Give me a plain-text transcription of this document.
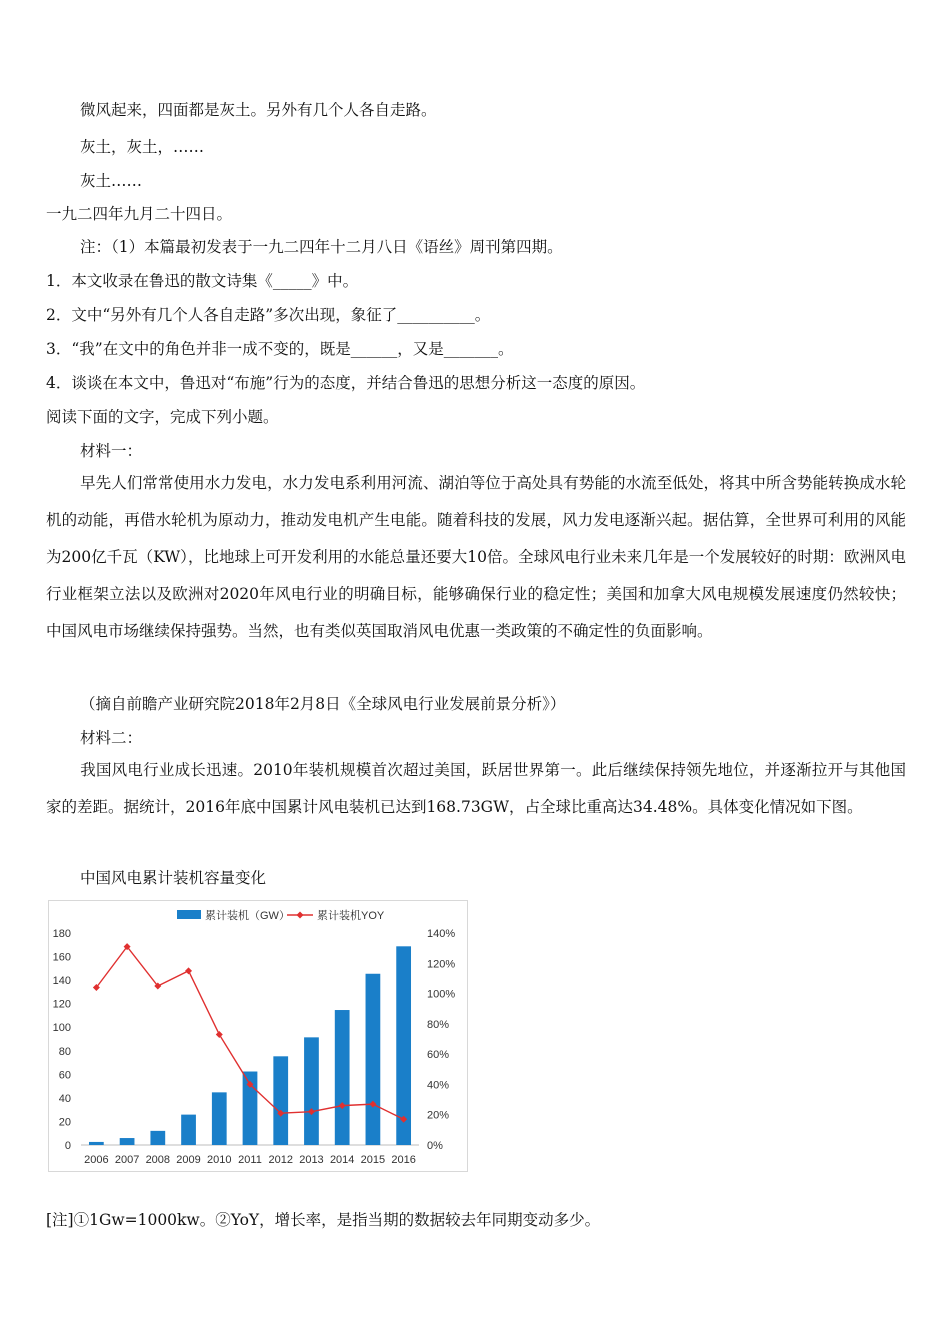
微风起来，四面都是灰土。另外有几个人各自走路。
灰土，灰土，……
灰土……
一九二四年九月二十四日。
注：（1）本篇最初发表于一九二四年十二月八日《语丝》周刊第四期。
1．本文收录在鲁迅的散文诗集《_____》中。
2．文中“另外有几个人各自走路”多次出现，象征了__________。
3．“我”在文中的角色并非一成不变的，既是______，又是_______。
4．谈谈在本文中，鲁迅对“布施”行为的态度，并结合鲁迅的思想分析这一态度的原因。
阅读下面的文字，完成下列小题。
材料一：
早先人们常常使用水力发电，水力发电系利用河流、湖泊等位于高处具有势能的水流至低处，将其中所含势能转换成水轮机的动能，再借水轮机为原动力，推动发电机产生电能。随着科技的发展，风力发电逐渐兴起。据估算，全世界可利用的风能为200亿千瓦（KW），比地球上可开发利用的水能总量还要大10倍。全球风电行业未来几年是一个发展较好的时期：欧洲风电行业框架立法以及欧洲对2020年风电行业的明确目标，能够确保行业的稳定性；美国和加拿大风电规模发展速度仍然较快；中国风电市场继续保持强势。当然，也有类似英国取消风电优惠一类政策的不确定性的负面影响。
（摘自前瞻产业研究院2018年2月8日《全球风电行业发展前景分析》）
材料二：
我国风电行业成长迅速。2010年装机规模首次超过美国，跃居世界第一。此后继续保持领先地位，并逐渐拉开与其他国家的差距。据统计，2016年底中国累计风电装机已达到168.73GW，占全球比重高达34.48%。具体变化情况如下图。
中国风电累计装机容量变化
0
20
40
60
80
100
120
140
160
180
0%
20%
40%
60%
80%
100%
120%
140%
2006 2007 2008 2009 2010 2011 2012 2013 2014 2015 2016
累计装机（GW） 累计装机YOY
[注]①1Gw=1000kw。②YoY，增长率，是指当期的数据较去年同期变动多少。
